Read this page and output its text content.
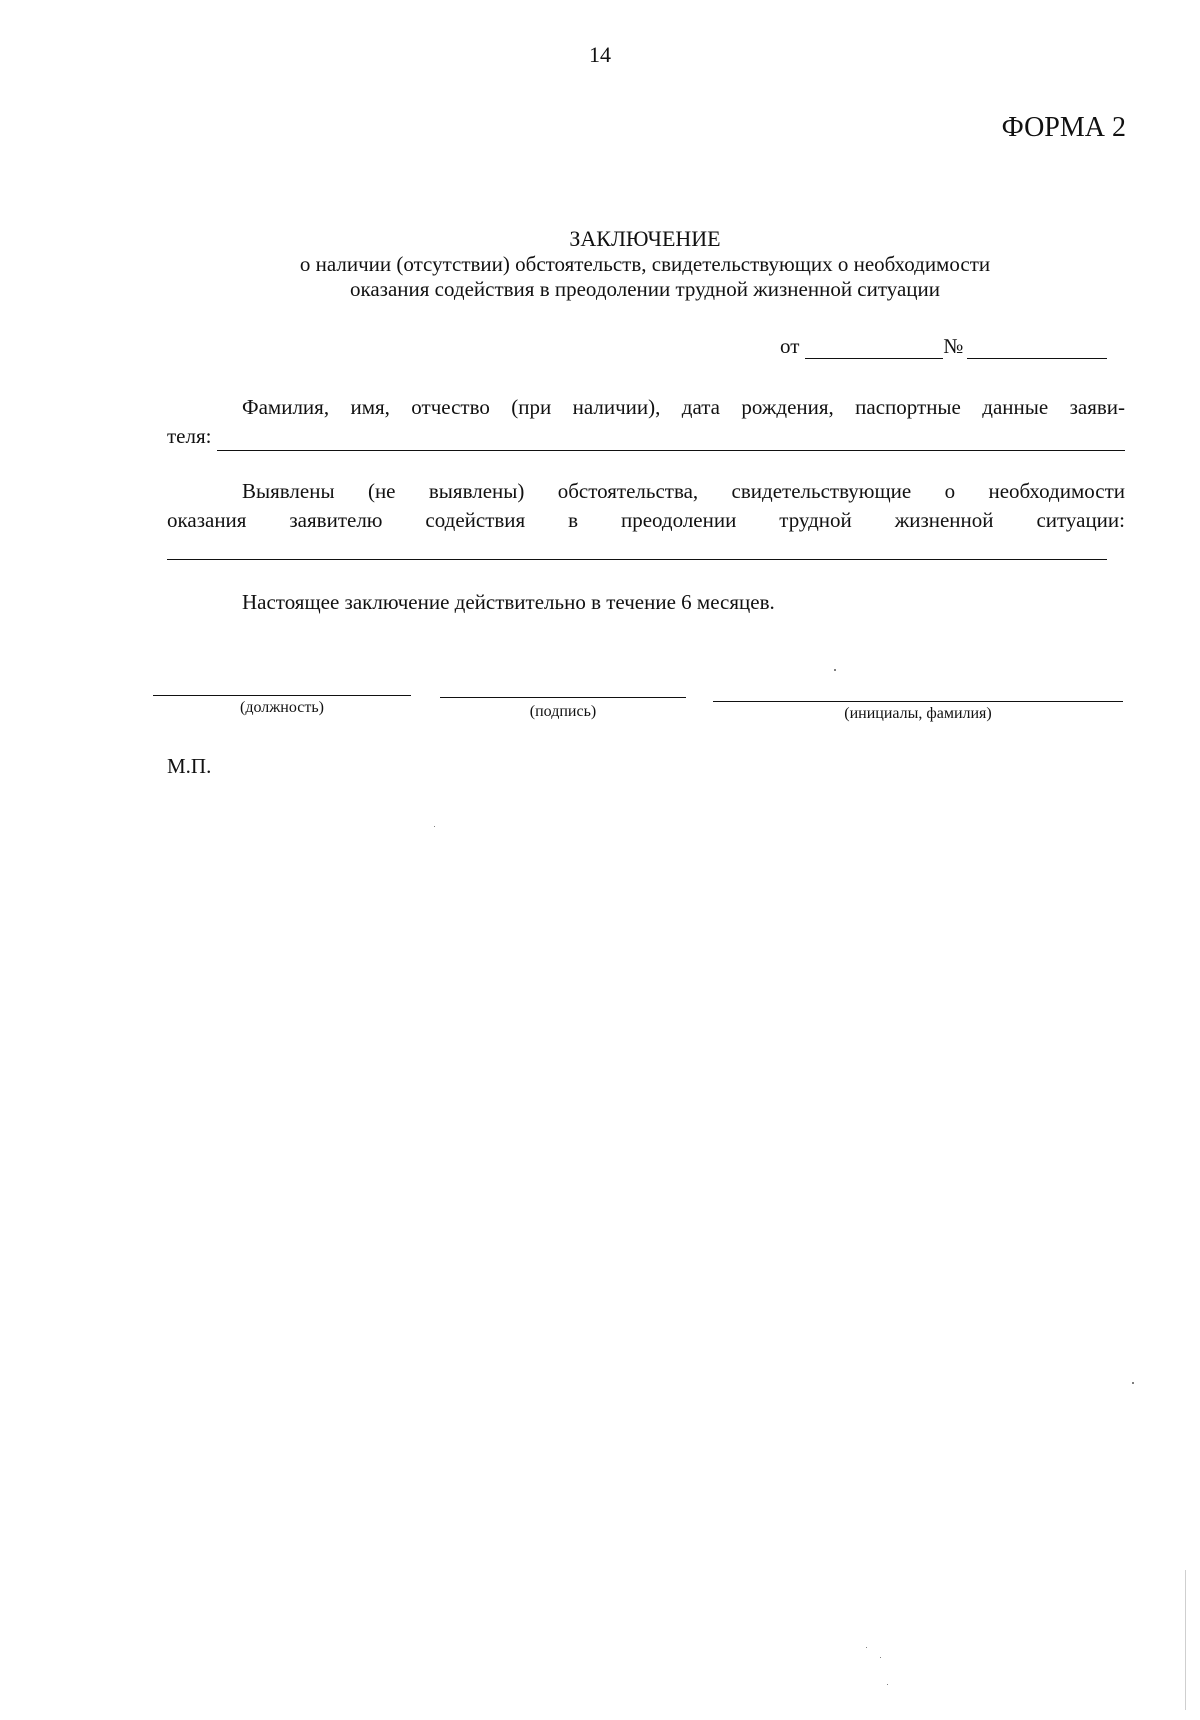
14
ФОРМА 2
ЗАКЛЮЧЕНИЕ
о наличии (отсутствии) обстоятельств, свидетельствующих о необходимости
оказания содействия в преодолении трудной жизненной ситуации
от	№
Фамилия, имя, отчество (при наличии), дата рождения, паспортные данные заяви-
теля:
Выявлены (не выявлены) обстоятельства, свидетельствующие о необходимости
оказания заявителю содействия в преодолении трудной жизненной ситуации:
Настоящее заключение действительно в течение 6 месяцев.
(должность)	(подпись)	(инициалы, фамилия)
М.П.
